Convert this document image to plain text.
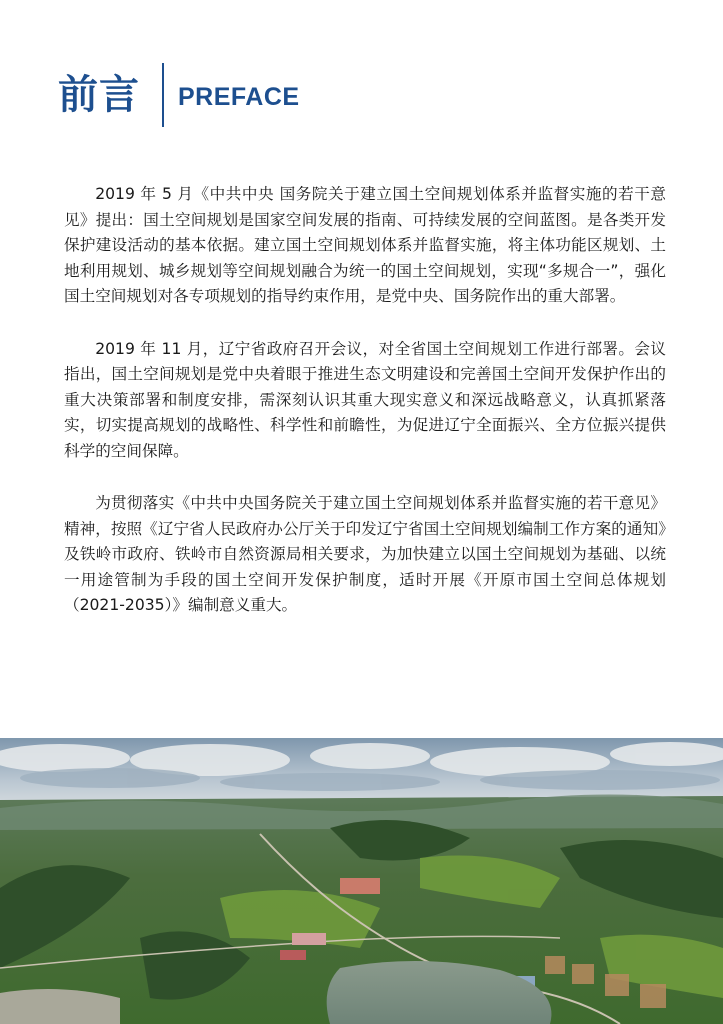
前言 PREFACE

2019 年 5 月《中共中央 国务院关于建立国土空间规划体系并监督实施的若干意见》提出：国土空间规划是国家空间发展的指南、可持续发展的空间蓝图。是各类开发保护建设活动的基本依据。建立国土空间规划体系并监督实施，将主体功能区规划、土地利用规划、城乡规划等空间规划融合为统一的国土空间规划，实现“多规合一”，强化国土空间规划对各专项规划的指导约束作用，是党中央、国务院作出的重大部署。

2019 年 11 月，辽宁省政府召开会议，对全省国土空间规划工作进行部署。会议指出，国土空间规划是党中央着眼于推进生态文明建设和完善国土空间开发保护作出的重大决策部署和制度安排，需深刻认识其重大现实意义和深远战略意义，认真抓紧落实，切实提高规划的战略性、科学性和前瞻性，为促进辽宁全面振兴、全方位振兴提供科学的空间保障。

为贯彻落实《中共中央国务院关于建立国土空间规划体系并监督实施的若干意见》精神，按照《辽宁省人民政府办公厅关于印发辽宁省国土空间规划编制工作方案的通知》及铁岭市政府、铁岭市自然资源局相关要求，为加快建立以国土空间规划为基础、以统一用途管制为手段的国土空间开发保护制度，适时开展《开原市国土空间总体规划（2021-2035）》编制意义重大。
